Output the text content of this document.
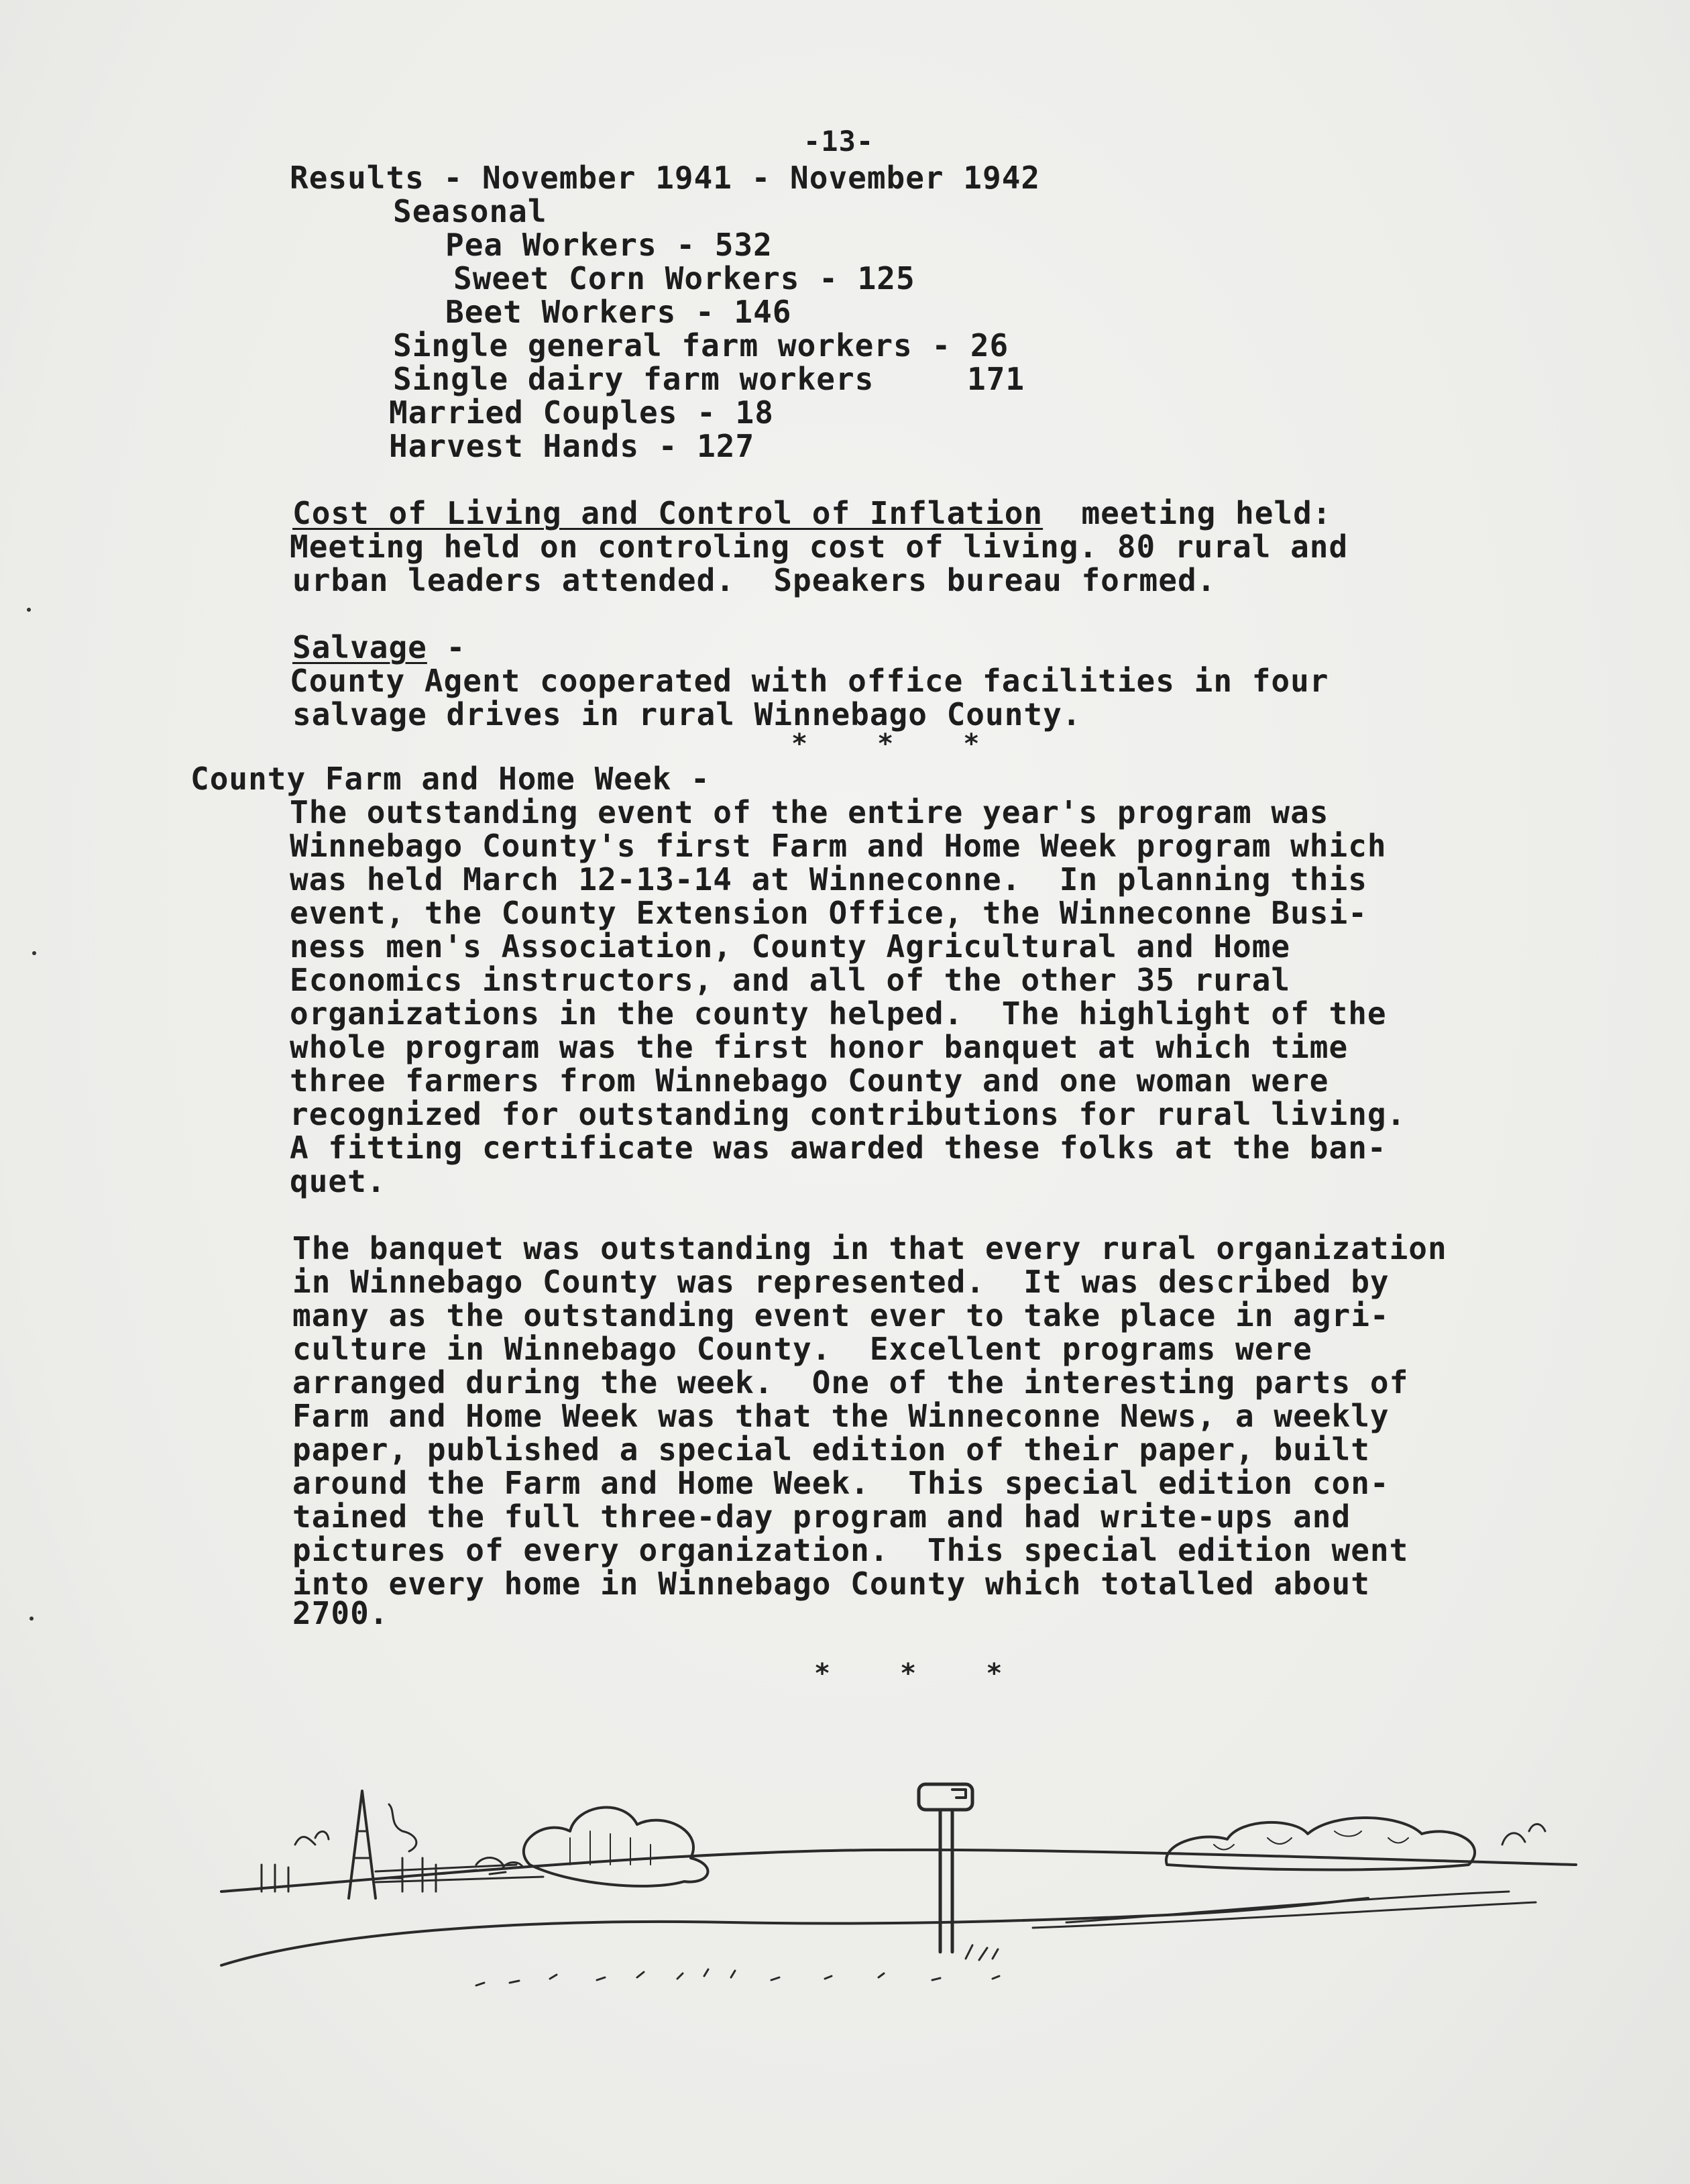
-13-
Results - November 1941 - November 1942
Seasonal
Pea Workers - 532
Sweet Corn Workers - 125
Beet Workers - 146
Single general farm workers - 26
Single dairy farm workers	171
Married Couples - 18
Harvest Hands - 127
Cost of Living and Control of Inflation meeting held:
Meeting held on controling cost of living. 80 rural and
urban leaders attended.  Speakers bureau formed.
Salvage -
County Agent cooperated with office facilities in four
salvage drives in rural Winnebago County.
* * *
County Farm and Home Week -
The outstanding event of the entire year's program was
Winnebago County's first Farm and Home Week program which
was held March 12-13-14 at Winneconne.  In planning this
event, the County Extension Office, the Winneconne Busi-
ness men's Association, County Agricultural and Home
Economics instructors, and all of the other 35 rural
organizations in the county helped.  The highlight of the
whole program was the first honor banquet at which time
three farmers from Winnebago County and one woman were
recognized for outstanding contributions for rural living.
A fitting certificate was awarded these folks at the ban-
quet.
The banquet was outstanding in that every rural organization
in Winnebago County was represented.  It was described by
many as the outstanding event ever to take place in agri-
culture in Winnebago County.  Excellent programs were
arranged during the week.  One of the interesting parts of
Farm and Home Week was that the Winneconne News, a weekly
paper, published a special edition of their paper, built
around the Farm and Home Week.  This special edition con-
tained the full three-day program and had write-ups and
pictures of every organization.  This special edition went
into every home in Winnebago County which totalled about
2700.
* * *
